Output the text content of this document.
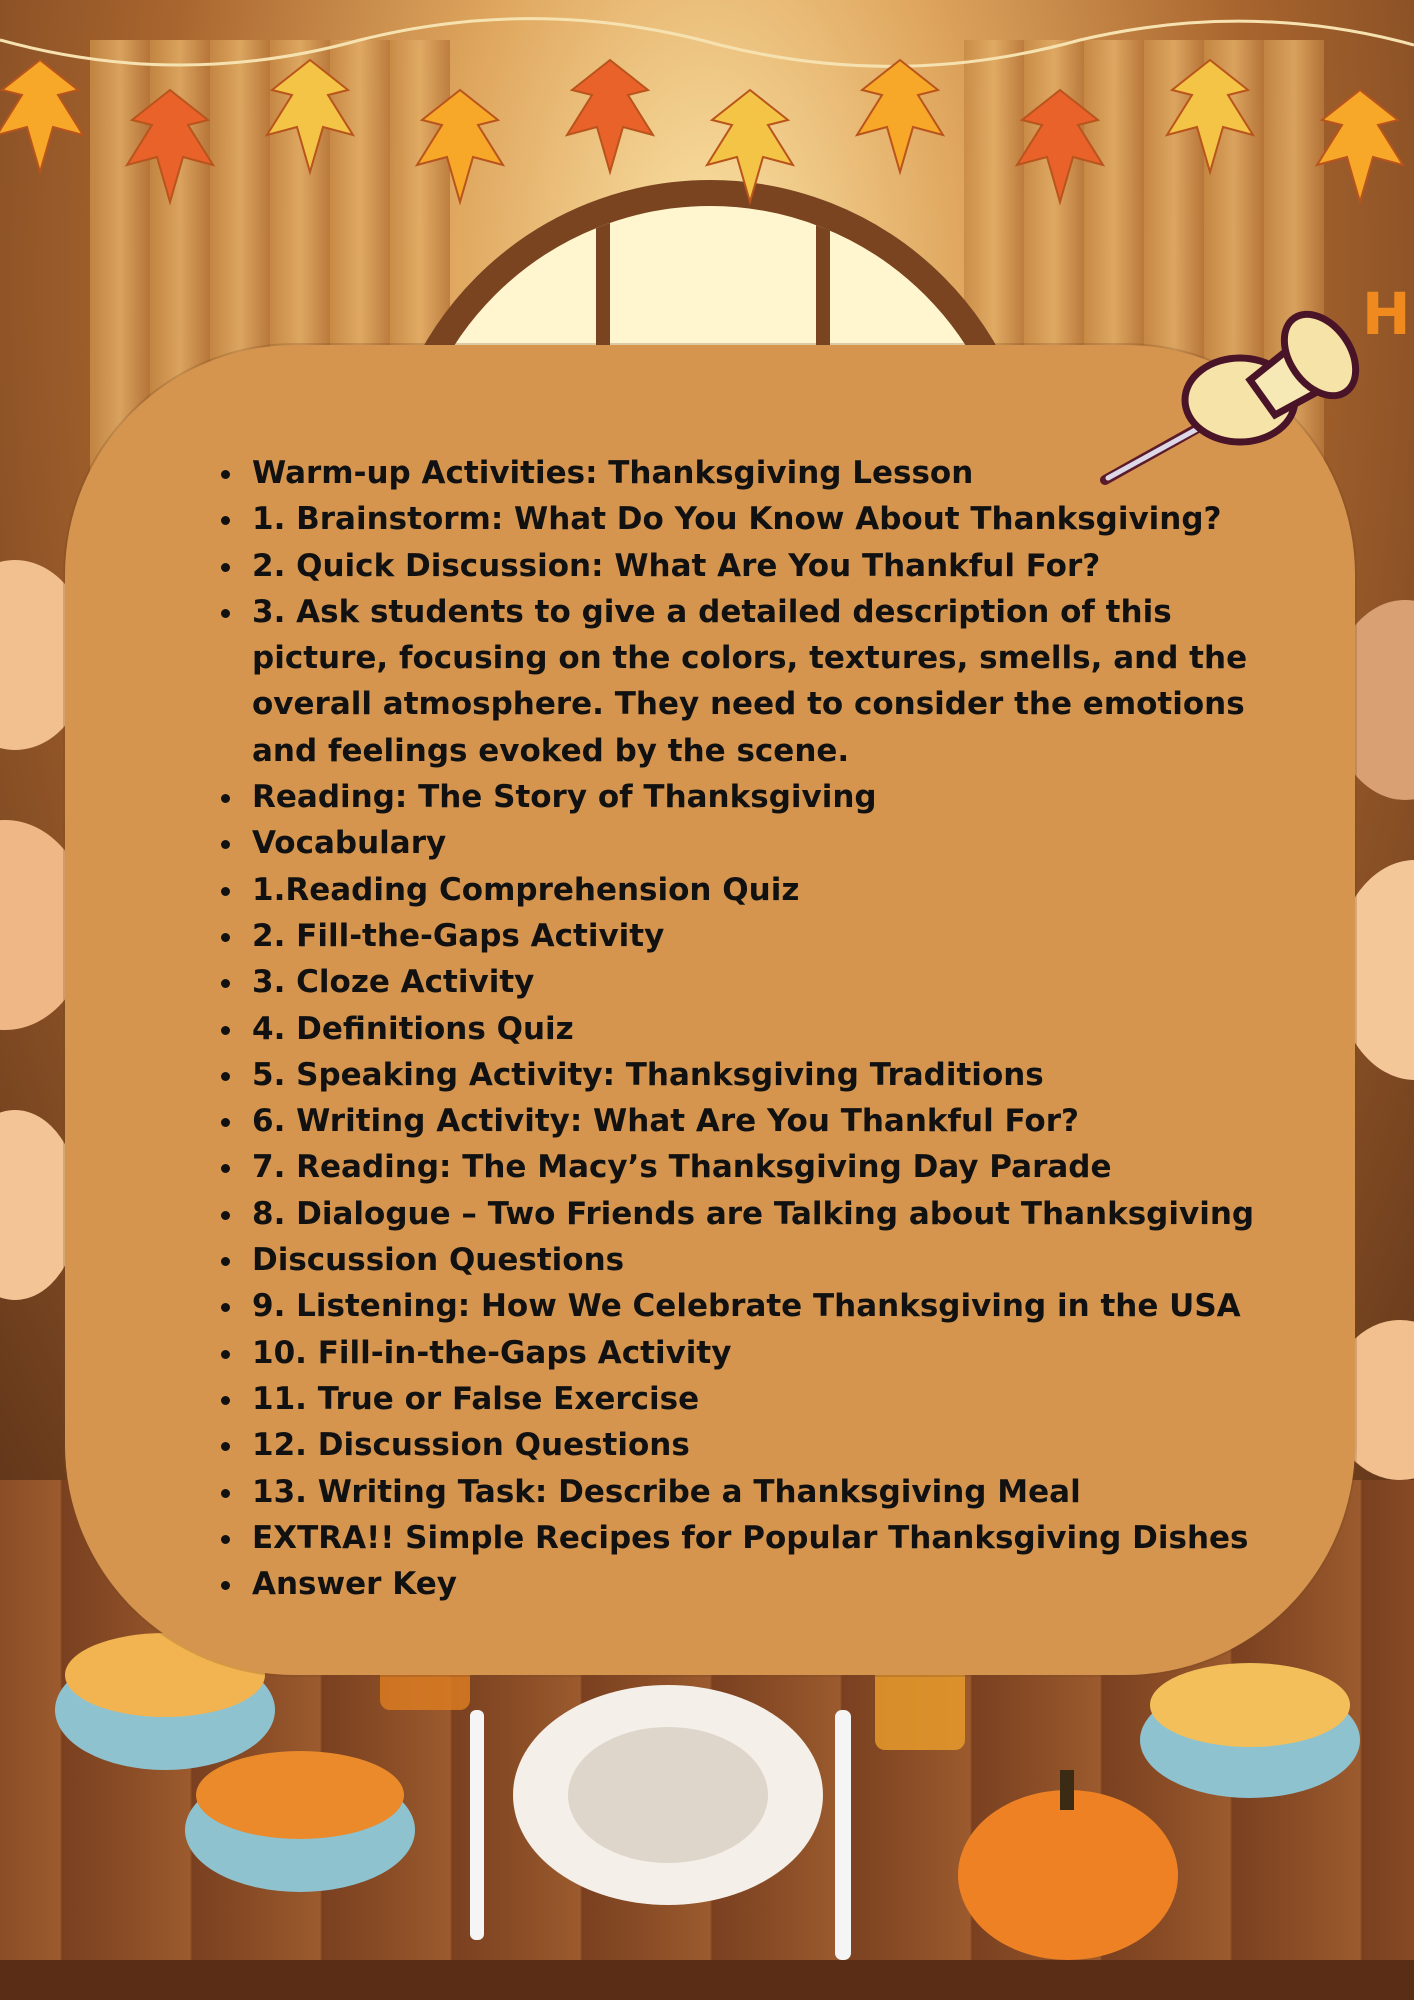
H
• Warm-up Activities: Thanksgiving Lesson
• 1. Brainstorm: What Do You Know About Thanksgiving?
• 2. Quick Discussion: What Are You Thankful For?
• 3. Ask students to give a detailed description of this picture, focusing on the colors, textures, smells, and the overall atmosphere. They need to consider the emotions and feelings evoked by the scene.
• Reading: The Story of Thanksgiving
• Vocabulary
• 1.Reading Comprehension Quiz
• 2. Fill-the-Gaps Activity
• 3. Cloze Activity
• 4. Definitions Quiz
• 5. Speaking Activity: Thanksgiving Traditions
• 6. Writing Activity: What Are You Thankful For?
• 7. Reading: The Macy’s Thanksgiving Day Parade
• 8. Dialogue – Two Friends are Talking about Thanksgiving
• Discussion Questions
• 9. Listening: How We Celebrate Thanksgiving in the USA
• 10. Fill-in-the-Gaps Activity
• 11. True or False Exercise
• 12. Discussion Questions
• 13. Writing Task: Describe a Thanksgiving Meal
• EXTRA!! Simple Recipes for Popular Thanksgiving Dishes
• Answer Key
